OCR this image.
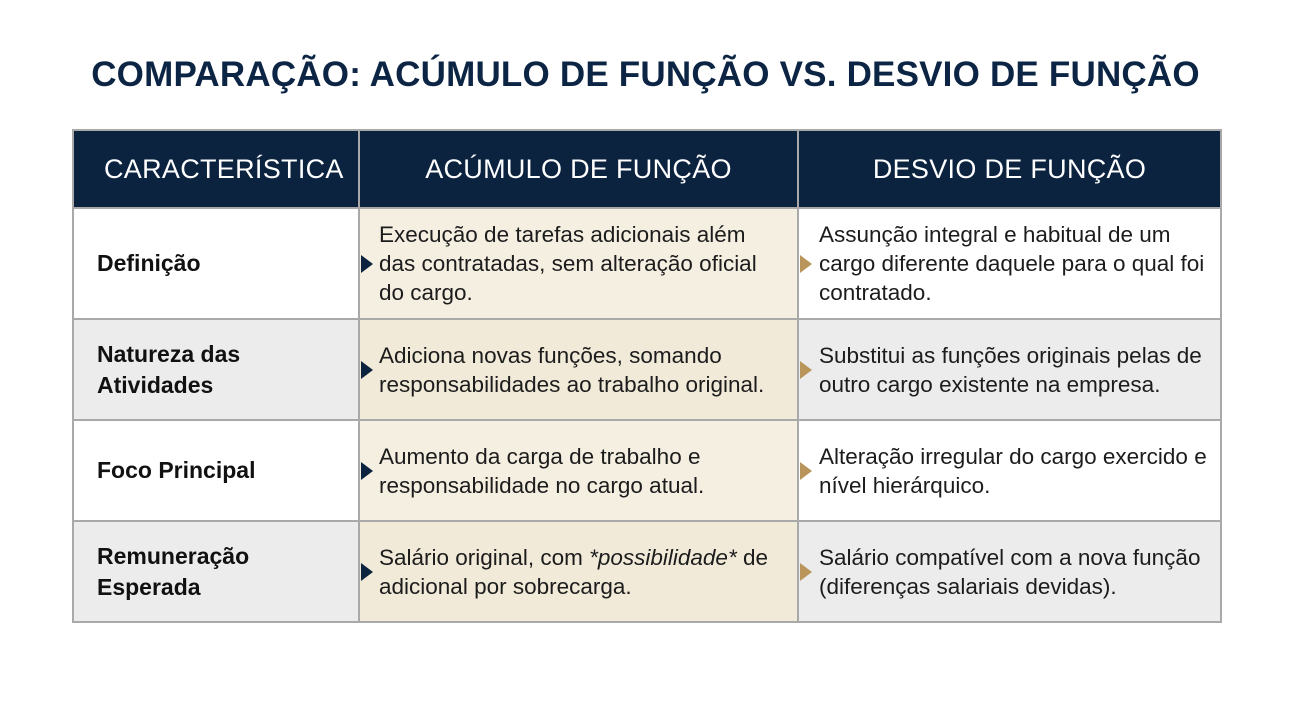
COMPARAÇÃO: ACÚMULO DE FUNÇÃO VS. DESVIO DE FUNÇÃO
CARACTERÍSTICA	ACÚMULO DE FUNÇÃO	DESVIO DE FUNÇÃO
Definição	Execução de tarefas adicionais além das contratadas, sem alteração oficial do cargo.	Assunção integral e habitual de um cargo diferente daquele para o qual foi contratado.

Natureza das Atividades	Adiciona novas funções, somando responsabilidades ao trabalho original.	Substitui as funções originais pelas de outro cargo existente na empresa.

Foco Principal	Aumento da carga de trabalho e responsabilidade no cargo atual.	Alteração irregular do cargo exercido e nível hierárquico.

Remuneração Esperada	Salário original, com *possibilidade* de adicional por sobrecarga.	Salário compatível com a nova função (diferenças salariais devidas).
